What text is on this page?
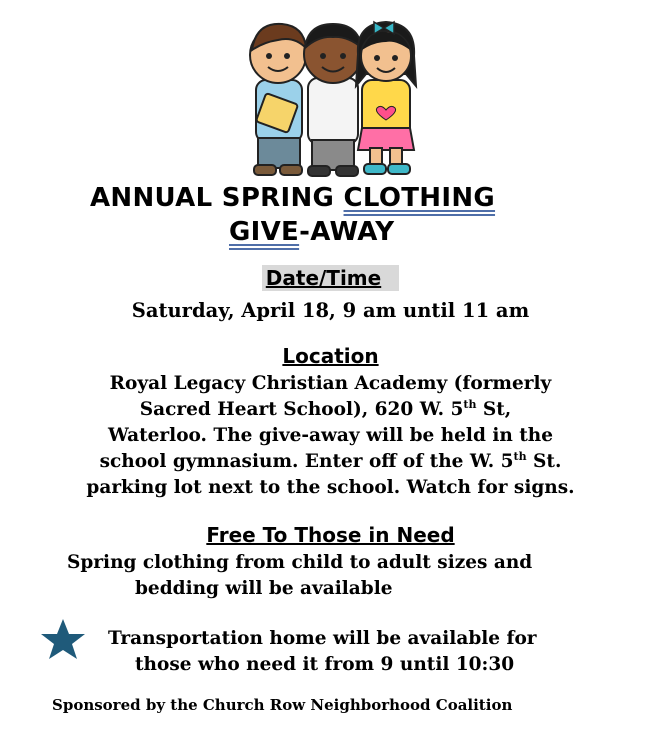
ANNUAL SPRING CLOTHING
GIVE-AWAY
Date/Time
Saturday, April 18, 9 am until 11 am
Location
Royal Legacy Christian Academy (formerly
Sacred Heart School), 620 W. 5th St,
Waterloo. The give-away will be held in the
school gymnasium. Enter off of the W. 5th St.
parking lot next to the school. Watch for signs.
Free To Those in Need
Spring clothing from child to adult sizes and
bedding will be available
Transportation home will be available for
those who need it from 9 until 10:30
Sponsored by the Church Row Neighborhood Coalition
